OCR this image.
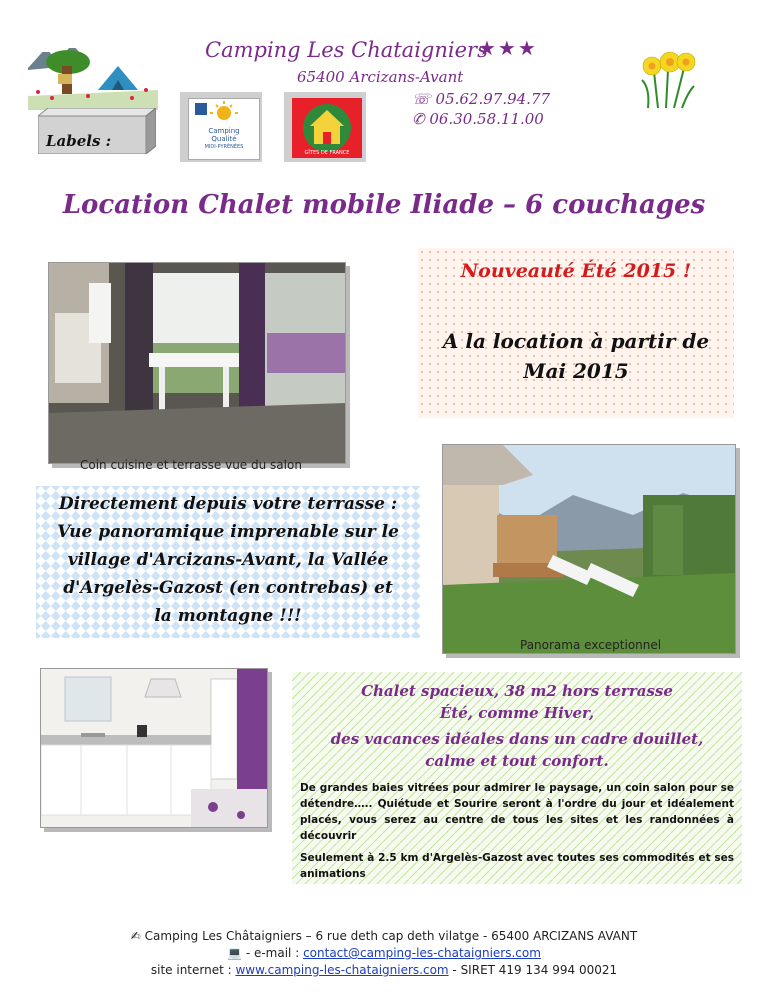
Labels :
Camping Les Chataigniers
★★★
65400 Arcizans-Avant
☏ 05.62.97.94.77
✆ 06.30.58.11.00
Camping
Qualité
MIDI-PYRÉNÉES
GÎTES DE FRANCE
Location Chalet mobile Iliade – 6 couchages
Nouveauté Été 2015 !
A la location à partir de
Mai 2015
Coin cuisine et terrasse vue du salon
Directement depuis votre terrasse :
Vue panoramique imprenable sur le
village d'Arcizans-Avant, la Vallée
d'Argelès-Gazost (en contrebas) et
la montagne !!!
Panorama exceptionnel
Chalet spacieux, 38 m2 hors terrasse
Été, comme Hiver,
des vacances idéales dans un cadre douillet, calme et tout confort.
De grandes baies vitrées pour admirer le paysage, un coin salon pour se détendre….. Quiétude et Sourire seront à l'ordre du jour et idéalement placés, vous serez au centre de tous les sites et les randonnées à découvrir
Seulement à 2.5 km d'Argelès-Gazost avec toutes ses commodités et ses animations
✍ Camping Les Châtaigniers – 6 rue deth cap deth vilatge - 65400 ARCIZANS AVANT
💻 - e-mail : contact@camping-les-chataigniers.com
site internet : www.camping-les-chataigniers.com - SIRET 419 134 994 00021
